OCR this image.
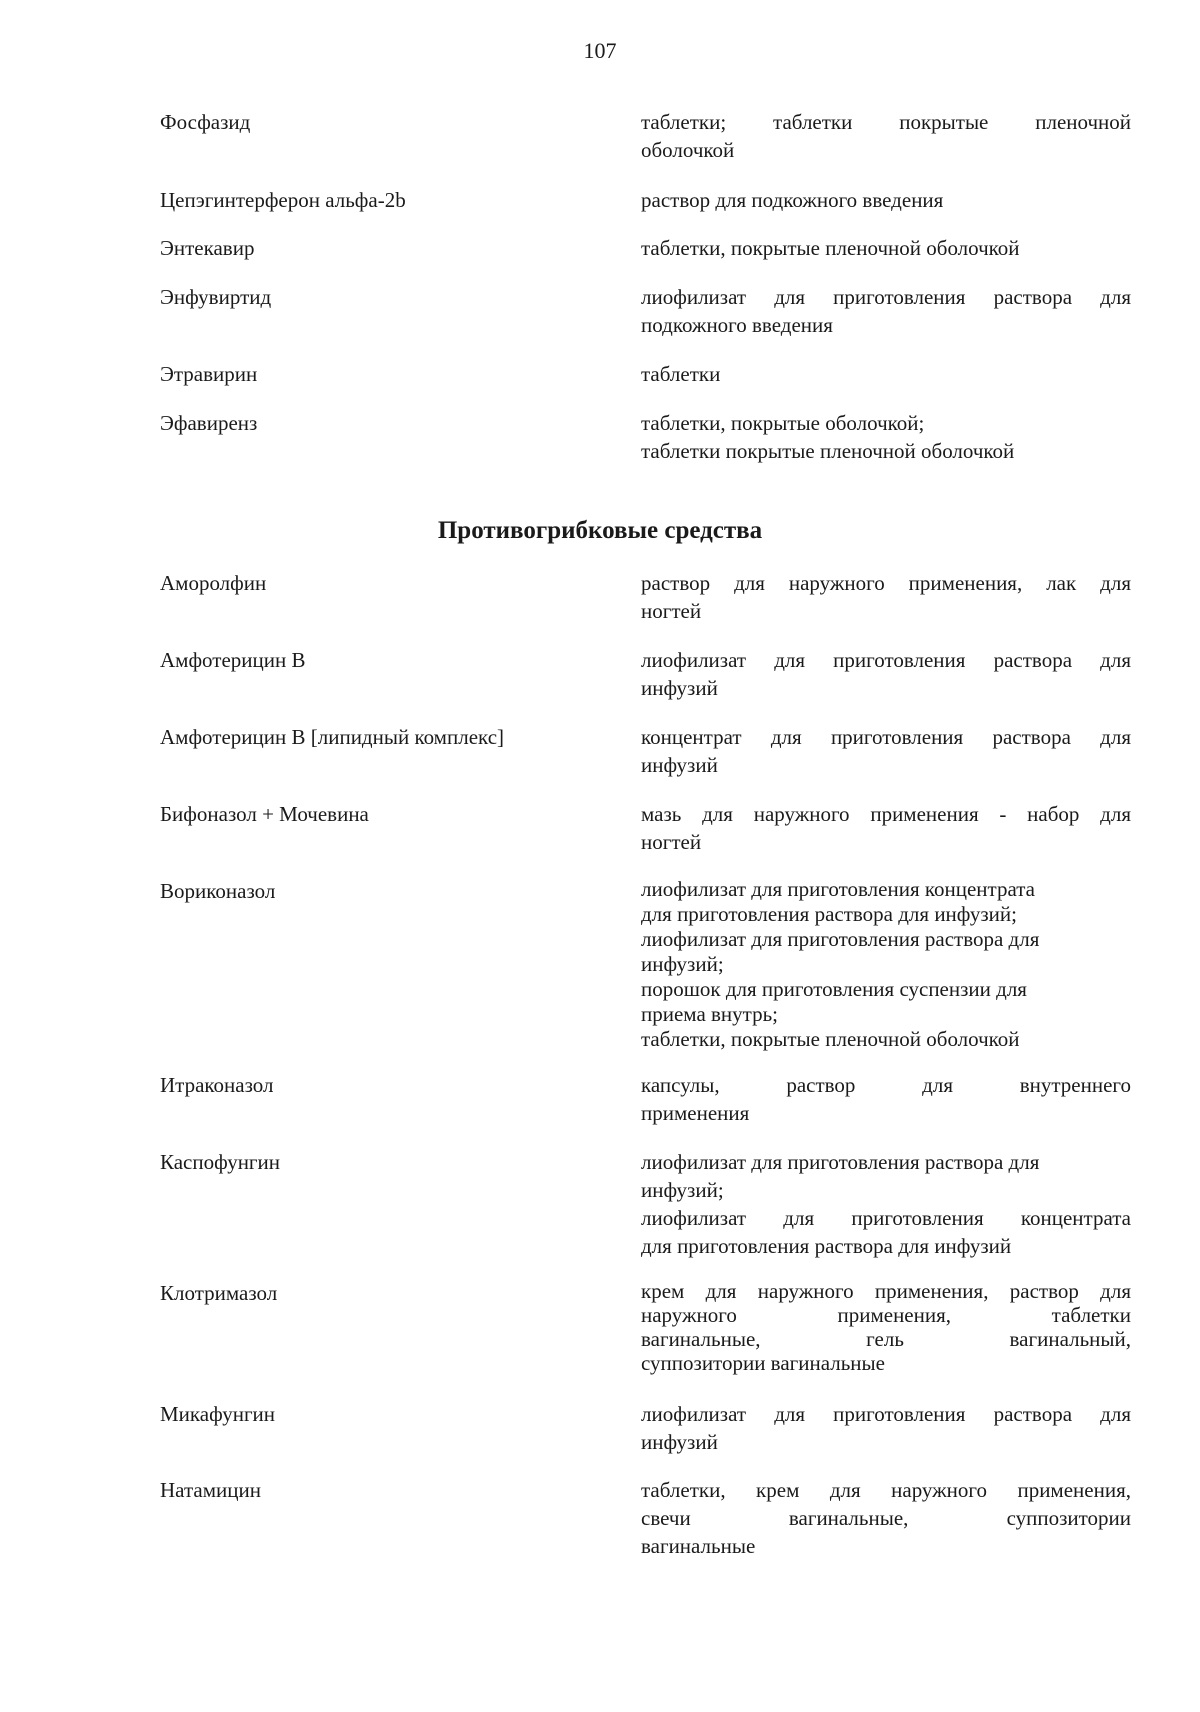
107
Фосфазид	таблетки; таблетки покрытые пленочной
оболочкой
Цепэгинтерферон альфа-2b	раствор для подкожного введения
Энтекавир	таблетки, покрытые пленочной оболочкой
Энфувиртид	лиофилизат для приготовления раствора для
подкожного введения
Этравирин	таблетки
Эфавиренз	таблетки, покрытые оболочкой;
таблетки покрытые пленочной оболочкой
Противогрибковые средства
Аморолфин	раствор для наружного применения, лак для
ногтей
Амфотерицин В	лиофилизат для приготовления раствора для
инфузий
Амфотерицин В [липидный комплекс]	концентрат для приготовления раствора для
инфузий
Бифоназол + Мочевина	мазь для наружного применения - набор для
ногтей
Вориконазол	лиофилизат для приготовления концентрата
для приготовления раствора для инфузий;
лиофилизат для приготовления раствора для
инфузий;
порошок для приготовления суспензии для
приема внутрь;
таблетки, покрытые пленочной оболочкой
Итраконазол	капсулы, раствор для внутреннего
применения
Каспофунгин	лиофилизат для приготовления раствора для
инфузий;
лиофилизат для приготовления концентрата
для приготовления раствора для инфузий
Клотримазол	крем для наружного применения, раствор для
наружного применения, таблетки
вагинальные, гель вагинальный,
суппозитории вагинальные
Микафунгин	лиофилизат для приготовления раствора для
инфузий
Натамицин	таблетки, крем для наружного применения,
свечи вагинальные, суппозитории
вагинальные
